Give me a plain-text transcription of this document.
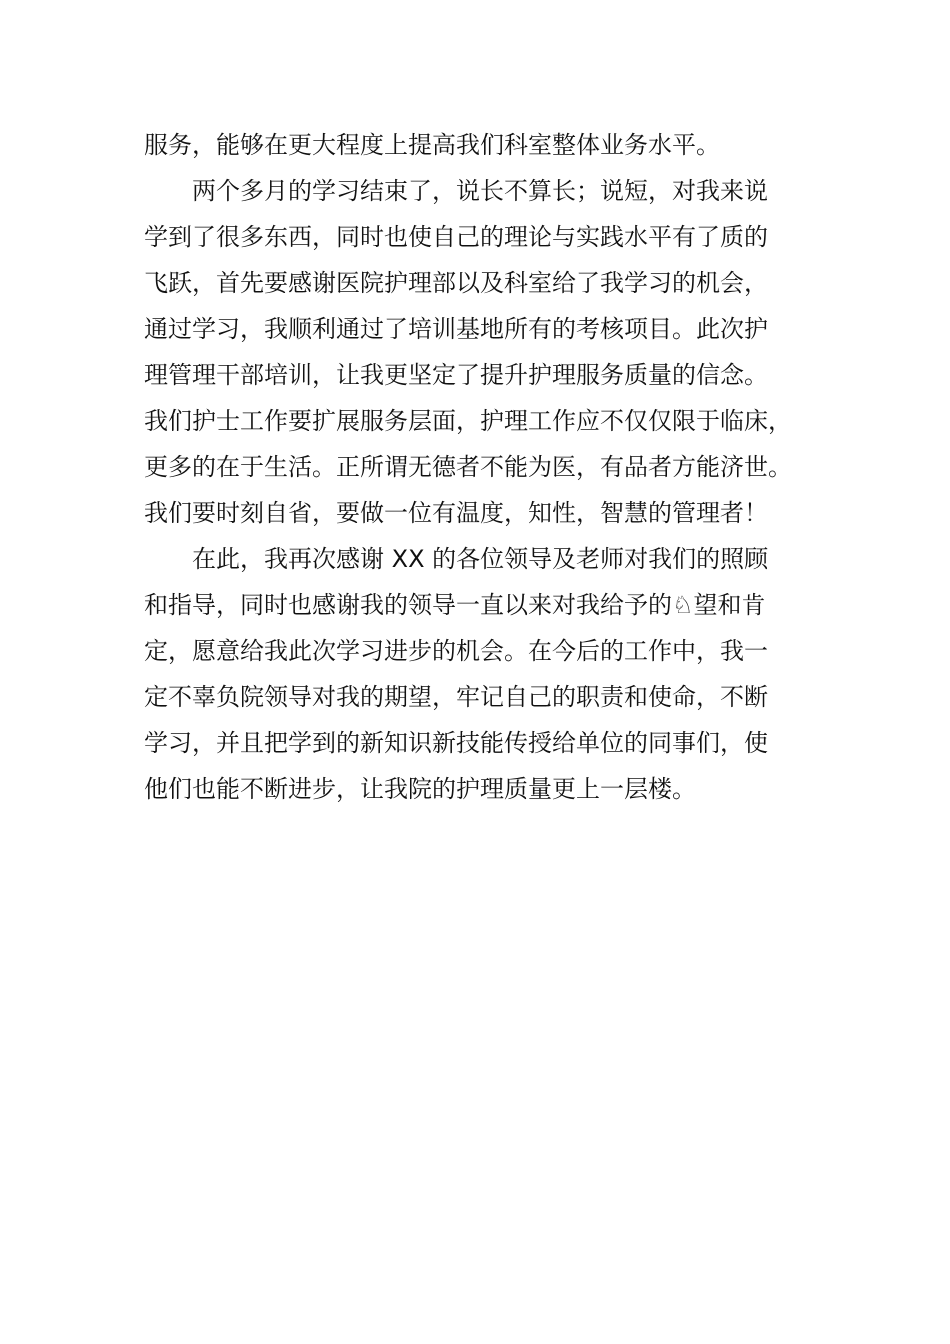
服务，能够在更大程度上提高我们科室整体业务水平。
　　两个多月的学习结束了，说长不算长；说短，对我来说
学到了很多东西，同时也使自己的理论与实践水平有了质的
飞跃，首先要感谢医院护理部以及科室给了我学习的机会，
通过学习，我顺利通过了培训基地所有的考核项目。此次护
理管理干部培训，让我更坚定了提升护理服务质量的信念。
我们护士工作要扩展服务层面，护理工作应不仅仅限于临床，
更多的在于生活。正所谓无德者不能为医，有品者方能济世。
我们要时刻自省，要做一位有温度，知性，智慧的管理者！
　　在此，我再次感谢 XX 的各位领导及老师对我们的照顾
和指导，同时也感谢我的领导一直以来对我给予的♘望和肯
定，愿意给我此次学习进步的机会。在今后的工作中，我一
定不辜负院领导对我的期望，牢记自己的职责和使命，不断
学习，并且把学到的新知识新技能传授给单位的同事们，使
他们也能不断进步，让我院的护理质量更上一层楼。
